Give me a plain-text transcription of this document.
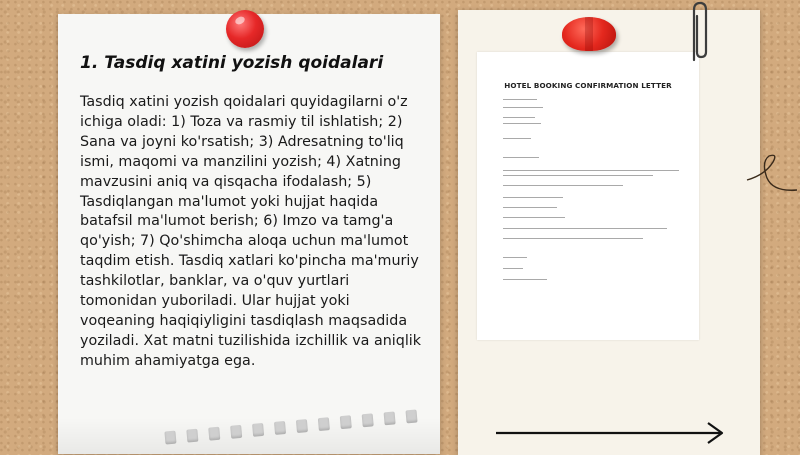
1. Tasdiq xatini yozish qoidalari

Tasdiq xatini yozish qoidalari quyidagilarni o'z ichiga oladi: 1) Toza va rasmiy til ishlatish; 2) Sana va joyni ko'rsatish; 3) Adresatning to'liq ismi, maqomi va manzilini yozish; 4) Xatning mavzusini aniq va qisqacha ifodalash; 5) Tasdiqlangan ma'lumot yoki hujjat haqida batafsil ma'lumot berish; 6) Imzo va tamg'a qo'yish; 7) Qo'shimcha aloqa uchun ma'lumot taqdim etish. Tasdiq xatlari ko'pincha ma'muriy tashkilotlar, banklar, va o'quv yurtlari tomonidan yuboriladi. Ular hujjat yoki voqeaning haqiqiyligini tasdiqlash maqsadida yoziladi. Xat matni tuzilishida izchillik va aniqlik muhim ahamiyatga ega.

HOTEL BOOKING CONFIRMATION LETTER
